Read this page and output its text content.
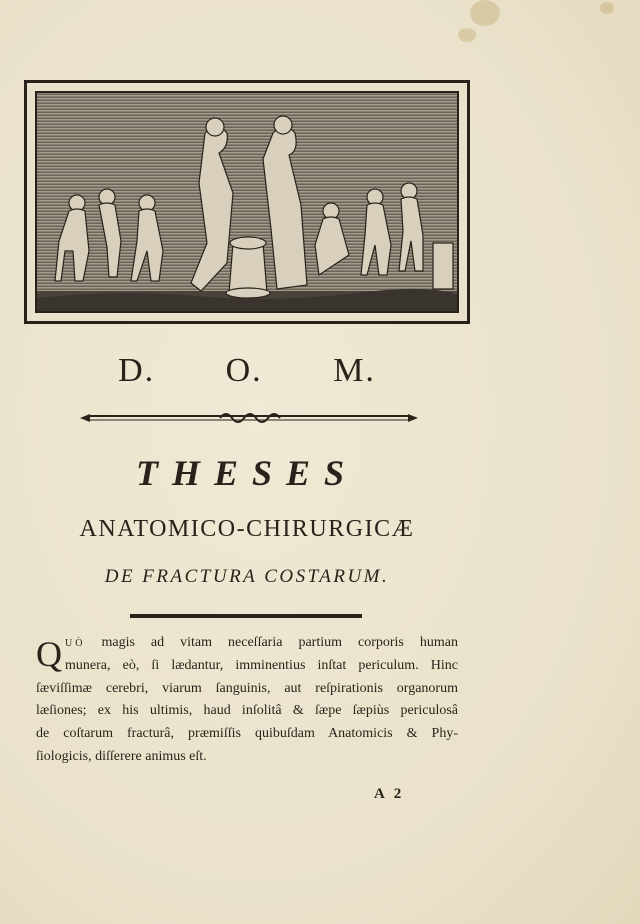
D. O. M.
THESES
ANATOMICO-CHIRURGICÆ
DE FRACTURA COSTARUM.
Q uò magis ad vitam neceſſaria partium corporis human
munera, eò, ſi lædantur, imminentius inſtat periculum. Hinc
ſæviſſimæ cerebri, viarum ſanguinis, aut reſpirationis organorum
læſiones; ex his ultimis, haud inſolitâ & ſæpe ſæpiùs periculosâ
de coſtarum fracturâ, præmiſſis quibuſdam Anatomicis & Phy-
ſiologicis, diſſerere animus eſt.
A 2
